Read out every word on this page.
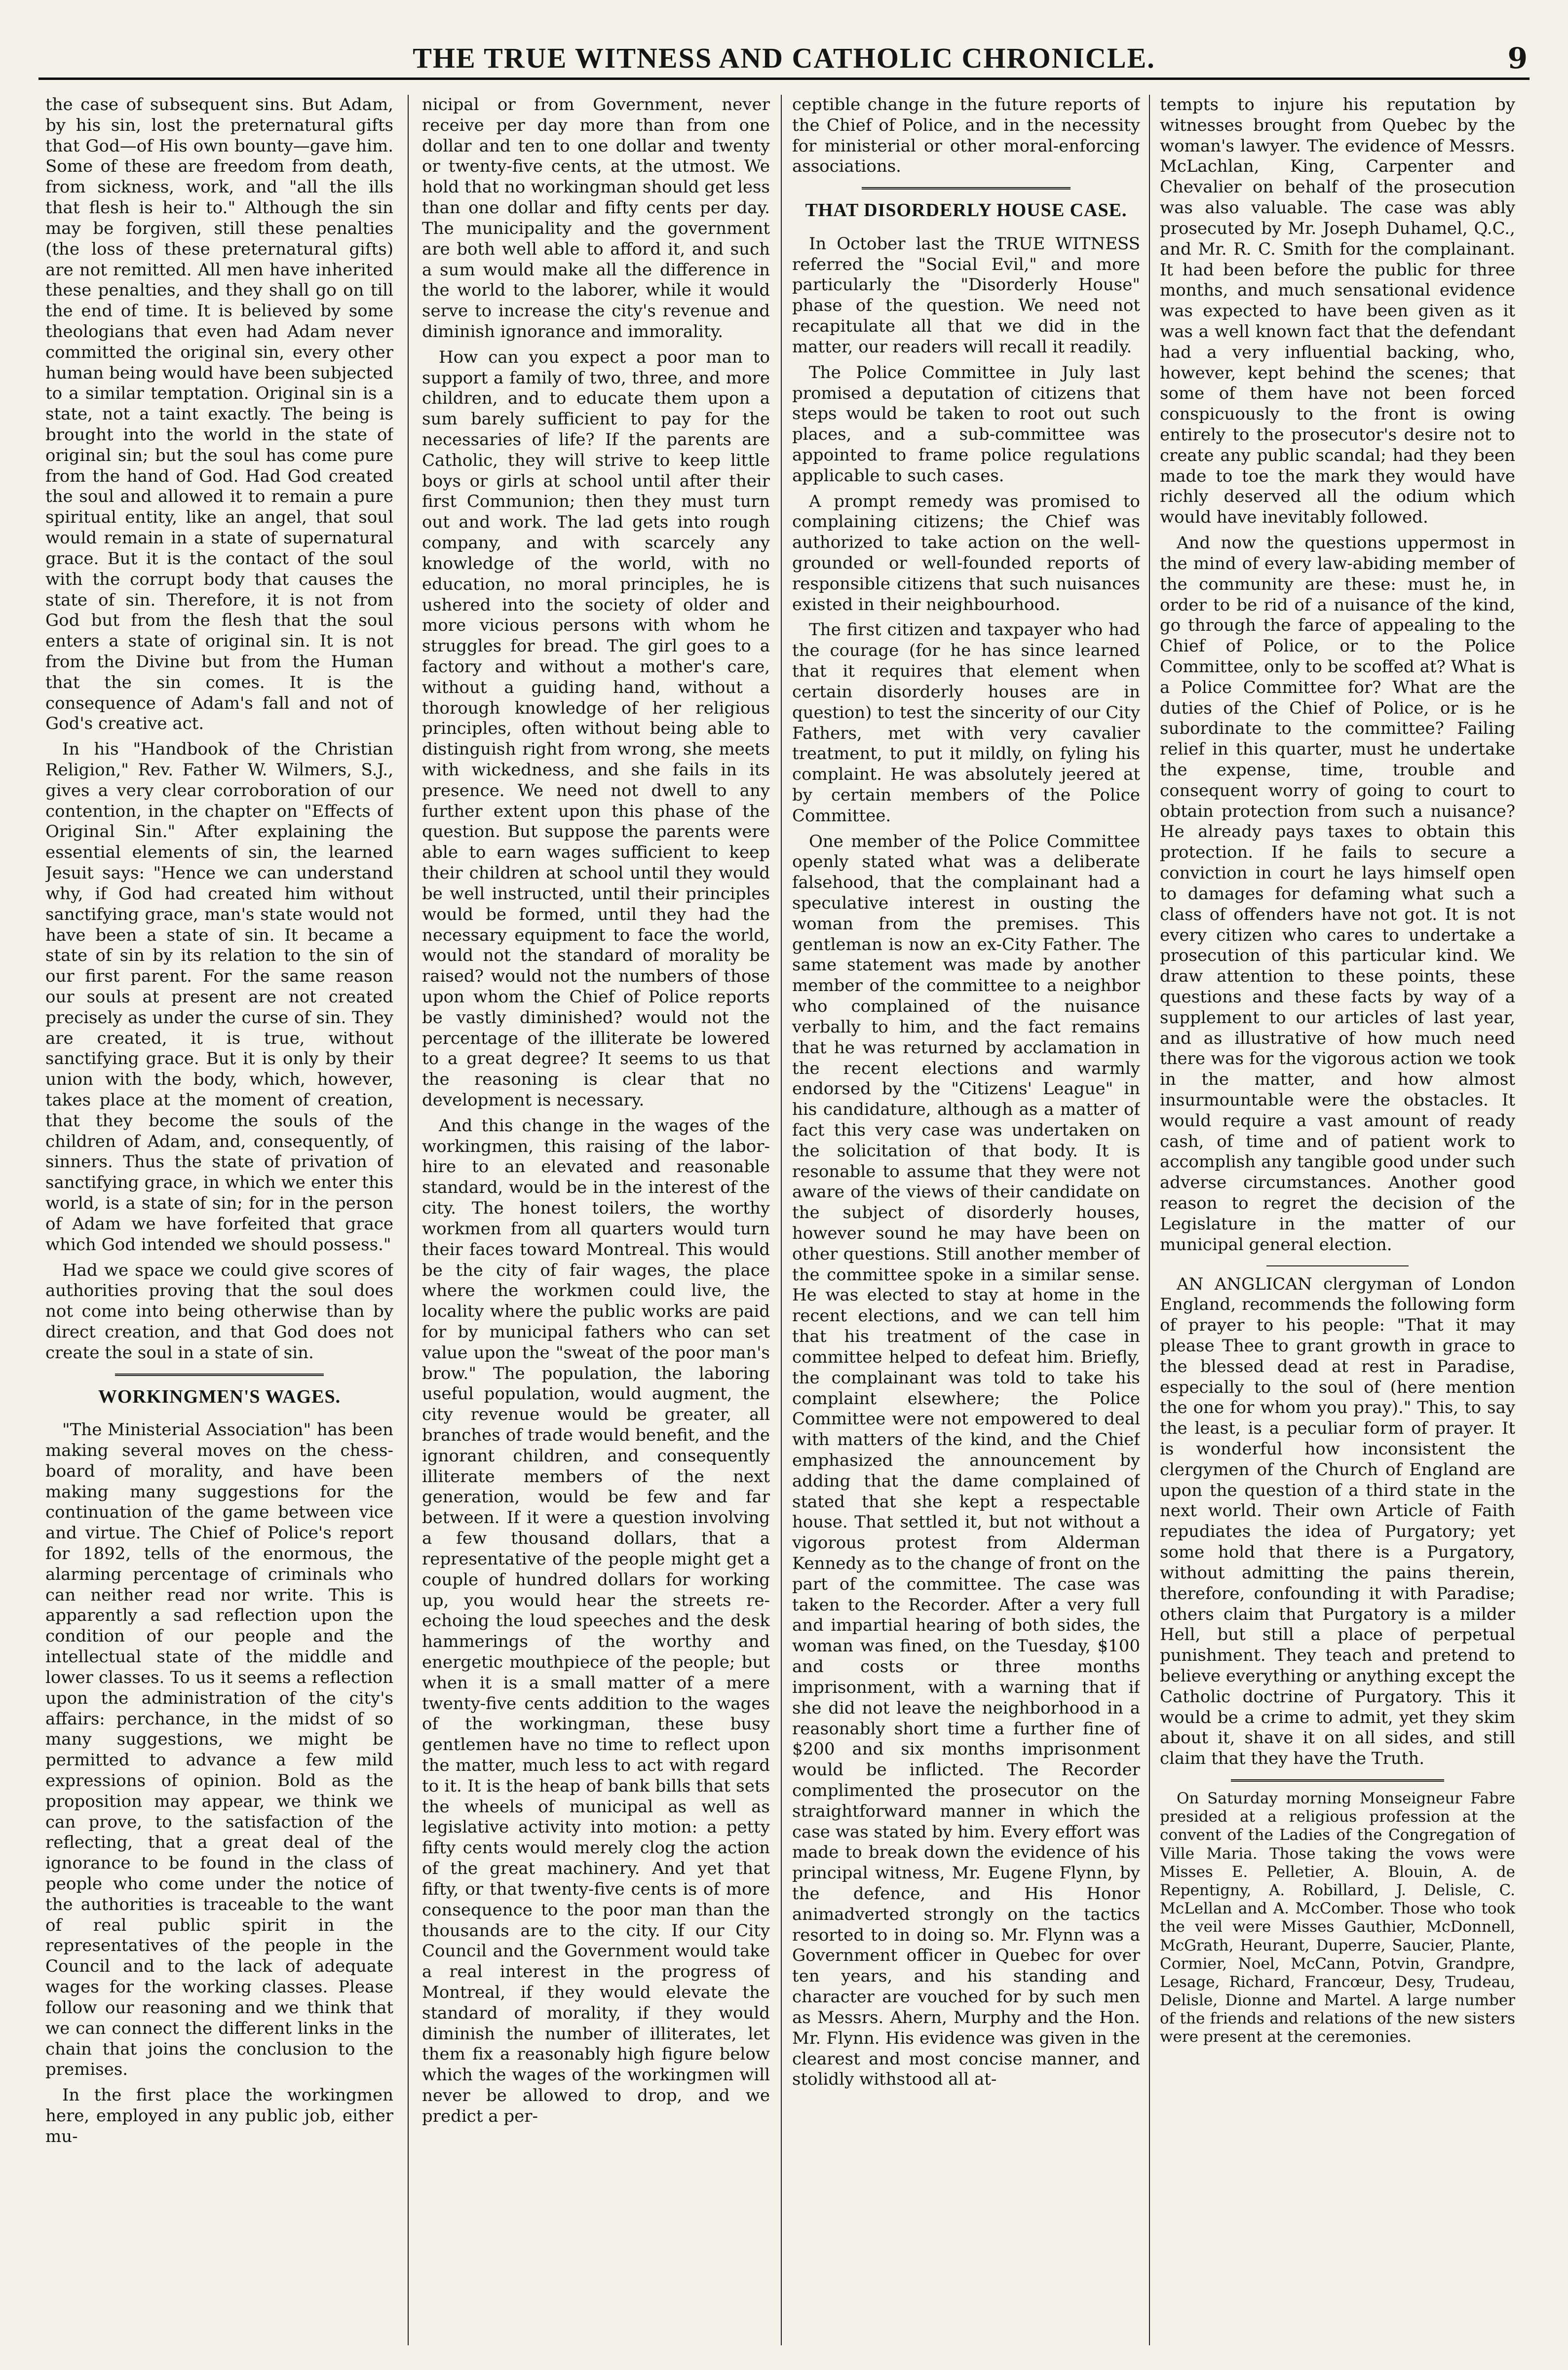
THE TRUE WITNESS AND CATHOLIC CHRONICLE.	9

the case of subsequent sins. But Adam, by his sin, lost the preternatural gifts that God—of His own bounty—gave him. Some of these are freedom from death, from sickness, work, and "all the ills that flesh is heir to." Although the sin may be forgiven, still these penalties (the loss of these preternatural gifts) are not remitted. All men have inherited these penalties, and they shall go on till the end of time. It is believed by some theologians that even had Adam never committed the original sin, every other human being would have been subjected to a similar temptation. Original sin is a state, not a taint exactly. The being is brought into the world in the state of original sin; but the soul has come pure from the hand of God. Had God created the soul and allowed it to remain a pure spiritual entity, like an angel, that soul would remain in a state of supernatural grace. But it is the contact of the soul with the corrupt body that causes the state of sin. Therefore, it is not from God but from the flesh that the soul enters a state of original sin. It is not from the Divine but from the Human that the sin comes. It is the consequence of Adam's fall and not of God's creative act.

In his "Handbook of the Christian Religion," Rev. Father W. Wilmers, S.J., gives a very clear corroboration of our contention, in the chapter on "Effects of Original Sin." After explaining the essential elements of sin, the learned Jesuit says: "Hence we can understand why, if God had created him without sanctifying grace, man's state would not have been a state of sin. It became a state of sin by its relation to the sin of our first parent. For the same reason our souls at present are not created precisely as under the curse of sin. They are created, it is true, without sanctifying grace. But it is only by their union with the body, which, however, takes place at the moment of creation, that they become the souls of the children of Adam, and, consequently, of sinners. Thus the state of privation of sanctifying grace, in which we enter this world, is a state of sin; for in the person of Adam we have forfeited that grace which God intended we should possess."

Had we space we could give scores of authorities proving that the soul does not come into being otherwise than by direct creation, and that God does not create the soul in a state of sin.

WORKINGMEN'S WAGES.

"The Ministerial Association" has been making several moves on the chess-board of morality, and have been making many suggestions for the continuation of the game between vice and virtue. The Chief of Police's report for 1892, tells of the enormous, the alarming percentage of criminals who can neither read nor write. This is apparently a sad reflection upon the condition of our people and the intellectual state of the middle and lower classes. To us it seems a reflection upon the administration of the city's affairs: perchance, in the midst of so many suggestions, we might be permitted to advance a few mild expressions of opinion. Bold as the proposition may appear, we think we can prove, to the satisfaction of the reflecting, that a great deal of the ignorance to be found in the class of people who come under the notice of the authorities is traceable to the want of real public spirit in the representatives of the people in the Council and to the lack of adequate wages for the working classes. Please follow our reasoning and we think that we can connect the different links in the chain that joins the conclusion to the premises.

In the first place the workingmen here, employed in any public job, either mu-

nicipal or from Government, never receive per day more than from one dollar and ten to one dollar and twenty or twenty-five cents, at the utmost. We hold that no workingman should get less than one dollar and fifty cents per day. The municipality and the government are both well able to afford it, and such a sum would make all the difference in the world to the laborer, while it would serve to increase the city's revenue and diminish ignorance and immorality.

How can you expect a poor man to support a family of two, three, and more children, and to educate them upon a sum barely sufficient to pay for the necessaries of life? If the parents are Catholic, they will strive to keep little boys or girls at school until after their first Communion; then they must turn out and work. The lad gets into rough company, and with scarcely any knowledge of the world, with no education, no moral principles, he is ushered into the society of older and more vicious persons with whom he struggles for bread. The girl goes to a factory and without a mother's care, without a guiding hand, without a thorough knowledge of her religious principles, often without being able to distinguish right from wrong, she meets with wickedness, and she fails in its presence. We need not dwell to any further extent upon this phase of the question. But suppose the parents were able to earn wages sufficient to keep their children at school until they would be well instructed, until their principles would be formed, until they had the necessary equipment to face the world, would not the standard of morality be raised? would not the numbers of those upon whom the Chief of Police reports be vastly diminished? would not the percentage of the illiterate be lowered to a great degree? It seems to us that the reasoning is clear that no development is necessary.

And this change in the wages of the workingmen, this raising of the labor-hire to an elevated and reasonable standard, would be in the interest of the city. The honest toilers, the worthy workmen from all quarters would turn their faces toward Montreal. This would be the city of fair wages, the place where the workmen could live, the locality where the public works are paid for by municipal fathers who can set value upon the "sweat of the poor man's brow." The population, the laboring useful population, would augment, the city revenue would be greater, all branches of trade would benefit, and the ignorant children, and consequently illiterate members of the next generation, would be few and far between. If it were a question involving a few thousand dollars, that a representative of the people might get a couple of hundred dollars for working up, you would hear the streets re-echoing the loud speeches and the desk hammerings of the worthy and energetic mouthpiece of the people; but when it is a small matter of a mere twenty-five cents addition to the wages of the workingman, these busy gentlemen have no time to reflect upon the matter, much less to act with regard to it. It is the heap of bank bills that sets the wheels of municipal as well as legislative activity into motion: a petty fifty cents would merely clog the action of the great machinery. And yet that fifty, or that twenty-five cents is of more consequence to the poor man than the thousands are to the city. If our City Council and the Government would take a real interest in the progress of Montreal, if they would elevate the standard of morality, if they would diminish the number of illiterates, let them fix a reasonably high figure below which the wages of the workingmen will never be allowed to drop, and we predict a per-

ceptible change in the future reports of the Chief of Police, and in the necessity for ministerial or other moral-enforcing associations.

THAT DISORDERLY HOUSE CASE.

In October last the TRUE WITNESS referred the "Social Evil," and more particularly the "Disorderly House" phase of the question. We need not recapitulate all that we did in the matter, our readers will recall it readily.

The Police Committee in July last promised a deputation of citizens that steps would be taken to root out such places, and a sub-committee was appointed to frame police regulations applicable to such cases.

A prompt remedy was promised to complaining citizens; the Chief was authorized to take action on the well-grounded or well-founded reports of responsible citizens that such nuisances existed in their neighbourhood.

The first citizen and taxpayer who had the courage (for he has since learned that it requires that element when certain disorderly houses are in question) to test the sincerity of our City Fathers, met with very cavalier treatment, to put it mildly, on fyling his complaint. He was absolutely jeered at by certain members of the Police Committee.

One member of the Police Committee openly stated what was a deliberate falsehood, that the complainant had a speculative interest in ousting the woman from the premises. This gentleman is now an ex-City Father. The same statement was made by another member of the committee to a neighbor who complained of the nuisance verbally to him, and the fact remains that he was returned by acclamation in the recent elections and warmly endorsed by the "Citizens' League" in his candidature, although as a matter of fact this very case was undertaken on the solicitation of that body. It is resonable to assume that they were not aware of the views of their candidate on the subject of disorderly houses, however sound he may have been on other questions. Still another member of the committee spoke in a similar sense. He was elected to stay at home in the recent elections, and we can tell him that his treatment of the case in committee helped to defeat him. Briefly, the complainant was told to take his complaint elsewhere; the Police Committee were not empowered to deal with matters of the kind, and the Chief emphasized the announcement by adding that the dame complained of stated that she kept a respectable house. That settled it, but not without a vigorous protest from Alderman Kennedy as to the change of front on the part of the committee. The case was taken to the Recorder. After a very full and impartial hearing of both sides, the woman was fined, on the Tuesday, $100 and costs or three months imprisonment, with a warning that if she did not leave the neighborhood in a reasonably short time a further fine of $200 and six months imprisonment would be inflicted. The Recorder complimented the prosecutor on the straightforward manner in which the case was stated by him. Every effort was made to break down the evidence of his principal witness, Mr. Eugene Flynn, by the defence, and His Honor animadverted strongly on the tactics resorted to in doing so. Mr. Flynn was a Government officer in Quebec for over ten years, and his standing and character are vouched for by such men as Messrs. Ahern, Murphy and the Hon. Mr. Flynn. His evidence was given in the clearest and most concise manner, and stolidly withstood all at-

tempts to injure his reputation by witnesses brought from Quebec by the woman's lawyer. The evidence of Messrs. McLachlan, King, Carpenter and Chevalier on behalf of the prosecution was also valuable. The case was ably prosecuted by Mr. Joseph Duhamel, Q.C., and Mr. R. C. Smith for the complainant. It had been before the public for three months, and much sensational evidence was expected to have been given as it was a well known fact that the defendant had a very influential backing, who, however, kept behind the scenes; that some of them have not been forced conspicuously to the front is owing entirely to the prosecutor's desire not to create any public scandal; had they been made to toe the mark they would have richly deserved all the odium which would have inevitably followed.

And now the questions uppermost in the mind of every law-abiding member of the community are these: must he, in order to be rid of a nuisance of the kind, go through the farce of appealing to the Chief of Police, or to the Police Committee, only to be scoffed at? What is a Police Committee for? What are the duties of the Chief of Police, or is he subordinate to the committee? Failing relief in this quarter, must he undertake the expense, time, trouble and consequent worry of going to court to obtain protection from such a nuisance? He already pays taxes to obtain this protection. If he fails to secure a conviction in court he lays himself open to damages for defaming what such a class of offenders have not got. It is not every citizen who cares to undertake a prosecution of this particular kind. We draw attention to these points, these questions and these facts by way of a supplement to our articles of last year, and as illustrative of how much need there was for the vigorous action we took in the matter, and how almost insurmountable were the obstacles. It would require a vast amount of ready cash, of time and of patient work to accomplish any tangible good under such adverse circumstances. Another good reason to regret the decision of the Legislature in the matter of our municipal general election.

AN ANGLICAN clergyman of London England, recommends the following form of prayer to his people: "That it may please Thee to grant growth in grace to the blessed dead at rest in Paradise, especially to the soul of (here mention the one for whom you pray)." This, to say the least, is a peculiar form of prayer. It is wonderful how inconsistent the clergymen of the Church of England are upon the question of a third state in the next world. Their own Article of Faith repudiates the idea of Purgatory; yet some hold that there is a Purgatory, without admitting the pains therein, therefore, confounding it with Paradise; others claim that Purgatory is a milder Hell, but still a place of perpetual punishment. They teach and pretend to believe everything or anything except the Catholic doctrine of Purgatory. This it would be a crime to admit, yet they skim about it, shave it on all sides, and still claim that they have the Truth.

On Saturday morning Monseigneur Fabre presided at a religious profession at the convent of the Ladies of the Congregation of Ville Maria. Those taking the vows were Misses E. Pelletier, A. Blouin, A. de Repentigny, A. Robillard, J. Delisle, C. McLellan and A. McComber. Those who took the veil were Misses Gauthier, McDonnell, McGrath, Heurant, Duperre, Saucier, Plante, Cormier, Noel, McCann, Potvin, Grandpre, Lesage, Richard, Francœur, Desy, Trudeau, Delisle, Dionne and Martel. A large number of the friends and relations of the new sisters were present at the ceremonies.
